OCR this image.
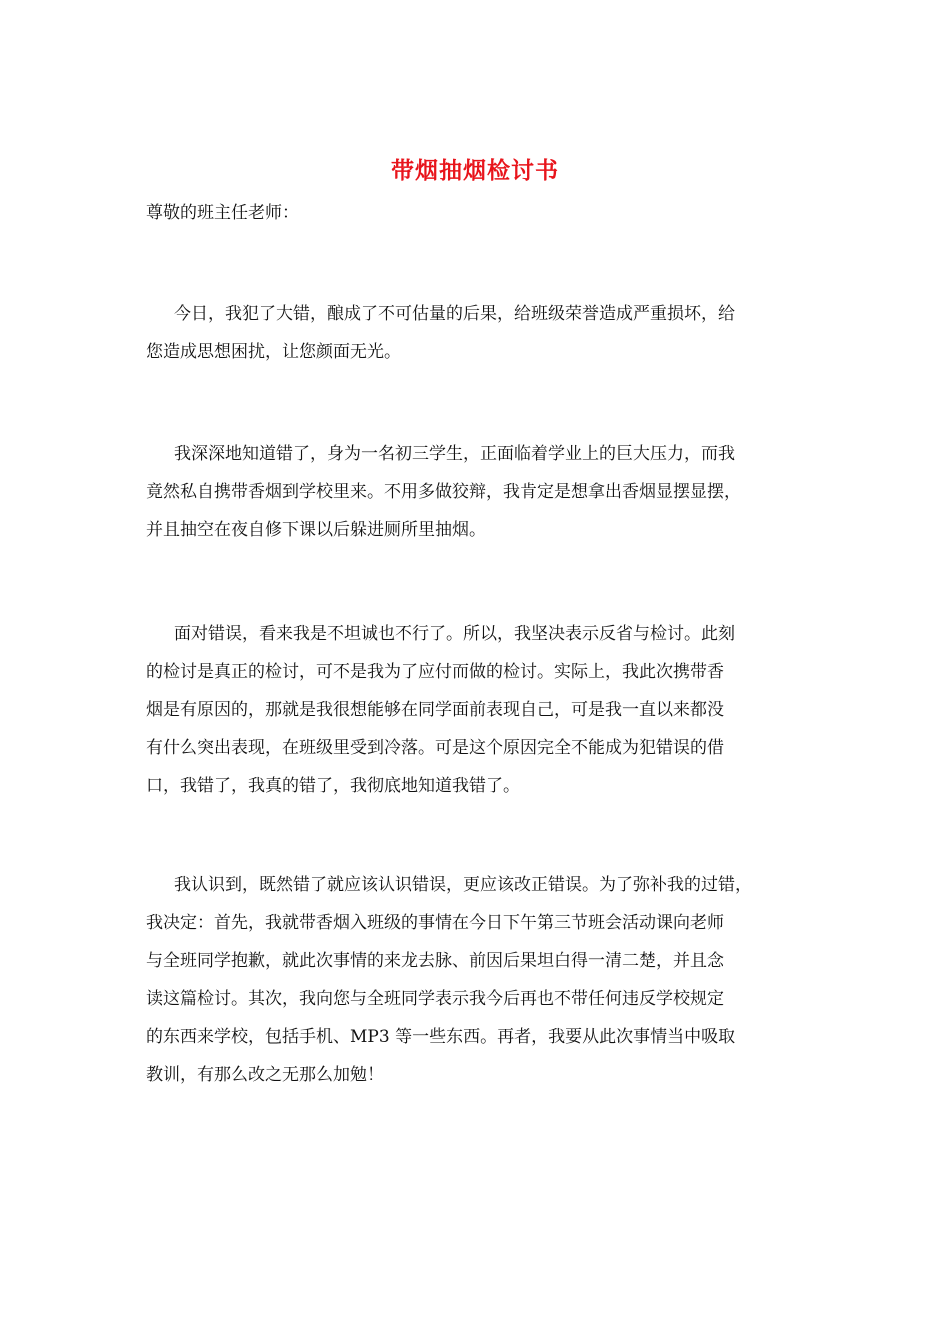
带烟抽烟检讨书
尊敬的班主任老师：
今日，我犯了大错，酿成了不可估量的后果，给班级荣誉造成严重损坏，给
您造成思想困扰，让您颜面无光。
我深深地知道错了，身为一名初三学生，正面临着学业上的巨大压力，而我
竟然私自携带香烟到学校里来。不用多做狡辩，我肯定是想拿出香烟显摆显摆，
并且抽空在夜自修下课以后躲进厕所里抽烟。
面对错误，看来我是不坦诚也不行了。所以，我坚决表示反省与检讨。此刻
的检讨是真正的检讨，可不是我为了应付而做的检讨。实际上，我此次携带香
烟是有原因的，那就是我很想能够在同学面前表现自己，可是我一直以来都没
有什么突出表现，在班级里受到冷落。可是这个原因完全不能成为犯错误的借
口，我错了，我真的错了，我彻底地知道我错了。
我认识到，既然错了就应该认识错误，更应该改正错误。为了弥补我的过错，
我决定：首先，我就带香烟入班级的事情在今日下午第三节班会活动课向老师
与全班同学抱歉，就此次事情的来龙去脉、前因后果坦白得一清二楚，并且念
读这篇检讨。其次，我向您与全班同学表示我今后再也不带任何违反学校规定
的东西来学校，包括手机、MP3 等一些东西。再者，我要从此次事情当中吸取
教训，有那么改之无那么加勉！
